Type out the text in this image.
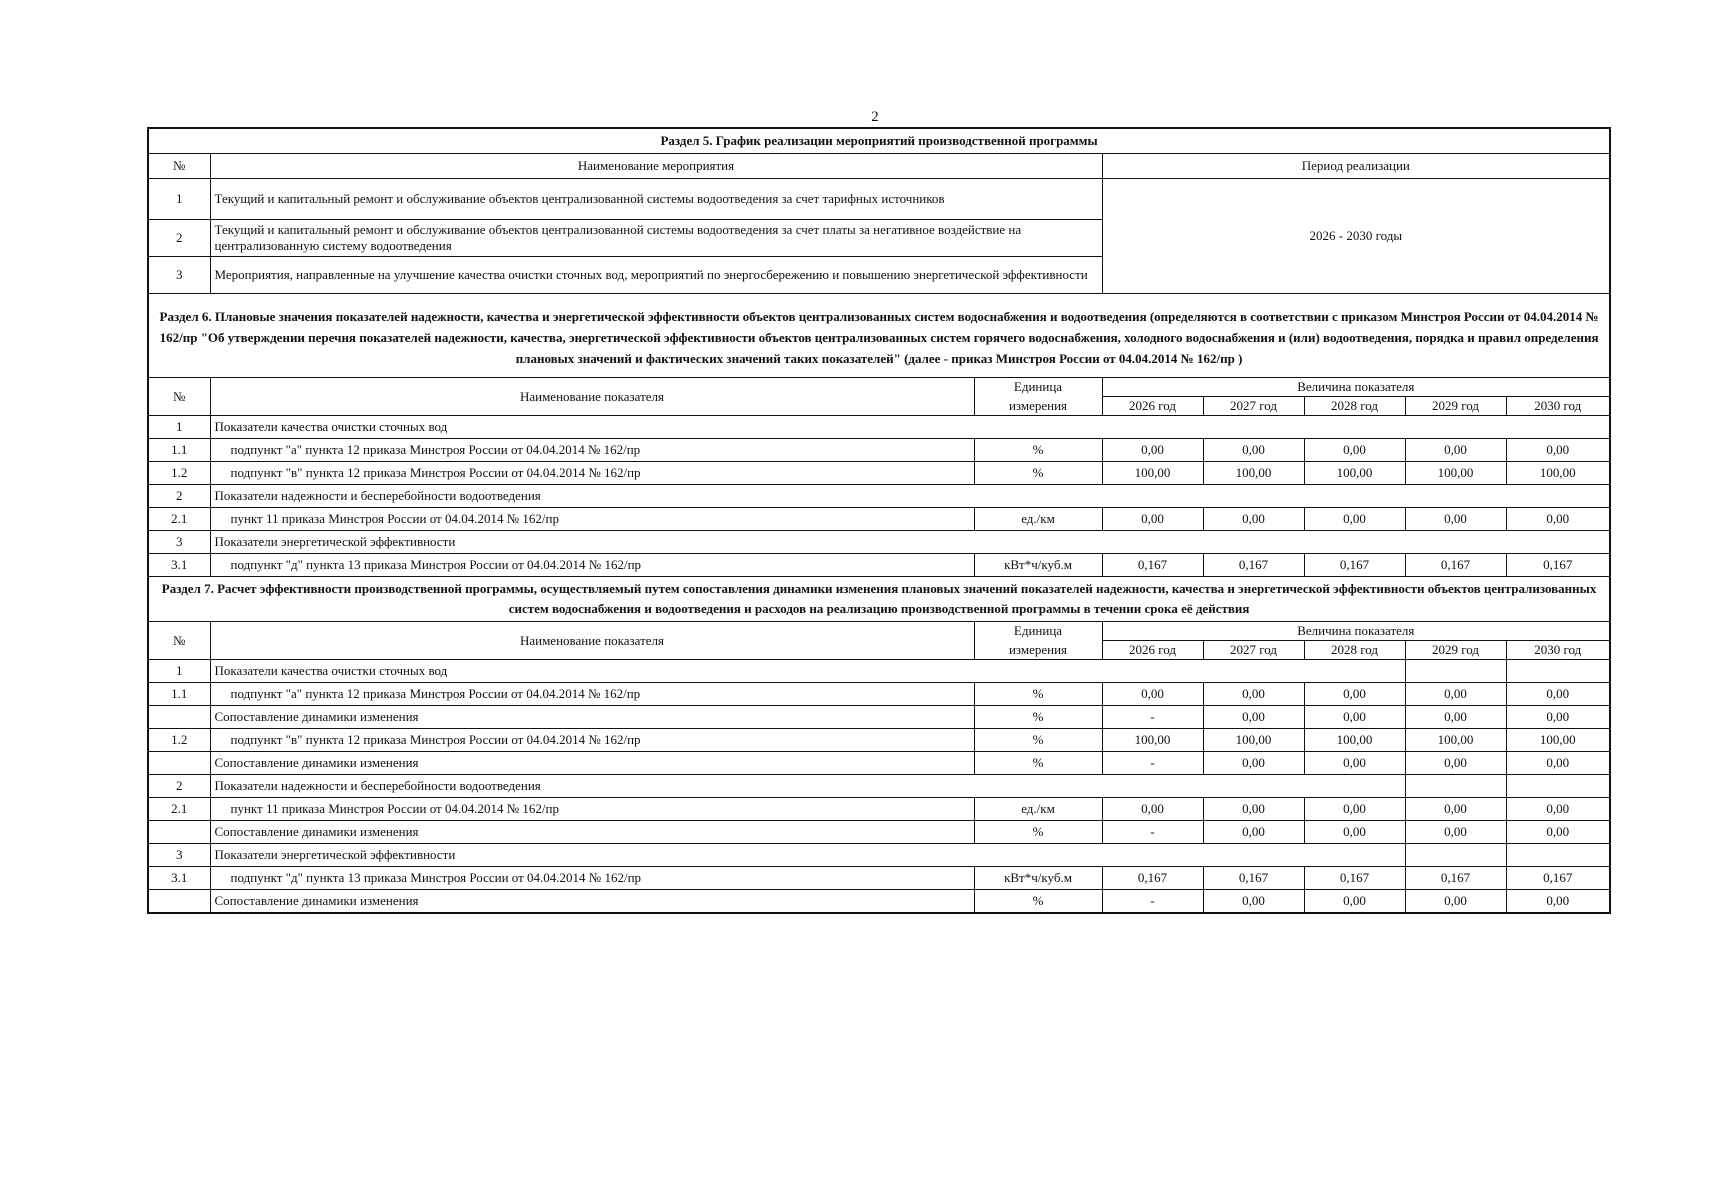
2
Раздел 5. График реализации мероприятий производственной программы							
№	Наименование мероприятия		Период реализации				
1	Текущий и капитальный ремонт и обслуживание объектов централизованной системы водоотведения за счет тарифных источников		2026 - 2030 годы				
2	Текущий и капитальный ремонт и обслуживание объектов централизованной системы водоотведения за счет платы за негативное воздействие на централизованную систему водоотведения						
3	Мероприятия, направленные на улучшение качества очистки сточных вод, мероприятий по энергосбережению и повышению энергетической эффективности						
Раздел 6. Плановые значения показателей надежности, качества и энергетической эффективности объектов централизованных систем водоснабжения и водоотведения (определяются в соответствии с приказом Минстроя России от 04.04.2014 № 162/пр "Об утверждении перечня показателей надежности, качества, энергетической эффективности объектов централизованных систем горячего водоснабжения, холодного водоснабжения и (или) водоотведения, порядка и правил определения плановых значений и фактических значений таких показателей" (далее - приказ Минстроя России от 04.04.2014 № 162/пр )							
№	Наименование показателя	Единица	Величина показателя				
		измерения	2026 год	2027 год	2028 год	2029 год	2030 год
1	Показатели качества очистки сточных вод						
1.1	подпункт "а" пункта 12 приказа Минстроя России от 04.04.2014 № 162/пр	%	0,00	0,00	0,00	0,00	0,00
1.2	подпункт "в" пункта 12 приказа Минстроя России от 04.04.2014 № 162/пр	%	100,00	100,00	100,00	100,00	100,00
2	Показатели надежности и бесперебойности водоотведения						
2.1	пункт 11 приказа Минстроя России от 04.04.2014 № 162/пр	ед./км	0,00	0,00	0,00	0,00	0,00
3	Показатели энергетической эффективности						
3.1	подпункт "д" пункта 13 приказа Минстроя России от 04.04.2014 № 162/пр	кВт*ч/куб.м	0,167	0,167	0,167	0,167	0,167
Раздел 7. Расчет эффективности производственной программы, осуществляемый путем сопоставления динамики изменения плановых значений показателей надежности, качества и энергетической эффективности объектов централизованных систем водоснабжения и водоотведения и расходов на реализацию производственной программы в течении срока её действия							
№	Наименование показателя	Единица	Величина показателя				
		измерения	2026 год	2027 год	2028 год	2029 год	2030 год
1	Показатели качества очистки сточных вод						
1.1	подпункт "а" пункта 12 приказа Минстроя России от 04.04.2014 № 162/пр	%	0,00	0,00	0,00	0,00	0,00
	Сопоставление динамики изменения	%	-	0,00	0,00	0,00	0,00
1.2	подпункт "в" пункта 12 приказа Минстроя России от 04.04.2014 № 162/пр	%	100,00	100,00	100,00	100,00	100,00
	Сопоставление динамики изменения	%	-	0,00	0,00	0,00	0,00
2	Показатели надежности и бесперебойности водоотведения						
2.1	пункт 11 приказа Минстроя России от 04.04.2014 № 162/пр	ед./км	0,00	0,00	0,00	0,00	0,00
	Сопоставление динамики изменения	%	-	0,00	0,00	0,00	0,00
3	Показатели энергетической эффективности						
3.1	подпункт "д" пункта 13 приказа Минстроя России от 04.04.2014 № 162/пр	кВт*ч/куб.м	0,167	0,167	0,167	0,167	0,167
	Сопоставление динамики изменения	%	-	0,00	0,00	0,00	0,00
